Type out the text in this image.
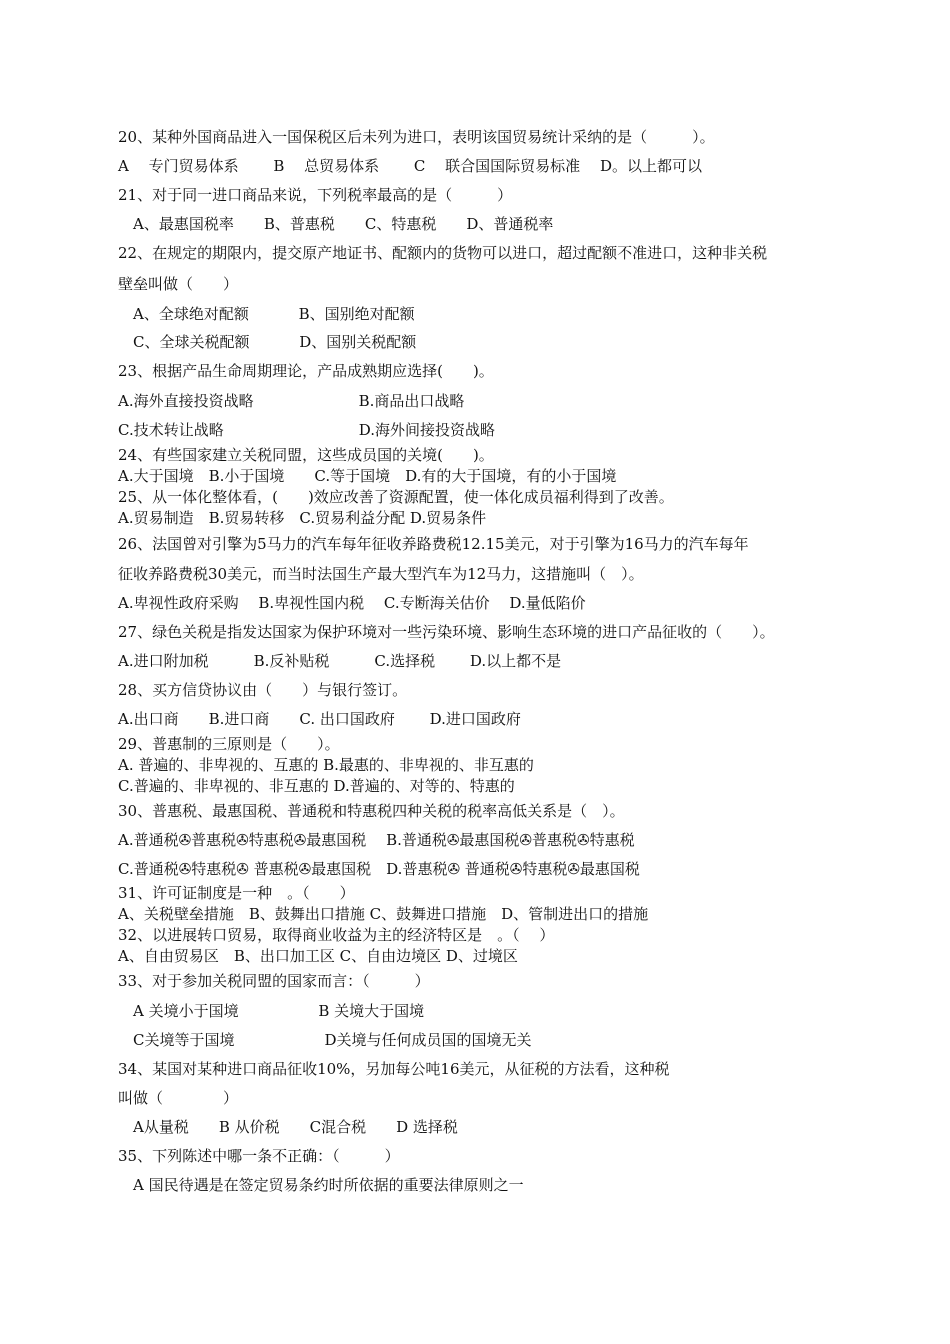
20、某种外国商品进入一国保税区后未列为进口，表明该国贸易统计采纳的是（　　　）。
A　 专门贸易体系　　 B　 总贸易体系　　 C　 联合国国际贸易标准　 D。以上都可以
21、对于同一进口商品来说，下列税率最高的是（　　　）
　A、最惠国税率　　B、普惠税　　C、特惠税　　D、普通税率
22、在规定的期限内，提交原产地证书、配额内的货物可以进口，超过配额不准进口，这种非关税
壁垒叫做（　　）
　A、全球绝对配额　　　 B、国别绝对配额
　C、全球关税配额　　　 D、国别关税配额
23、根据产品生命周期理论，产品成熟期应选择(　　)。
A.海外直接投资战略　　　　　　　B.商品出口战略
C.技术转让战略　　　　　　　　　D.海外间接投资战略
24、有些国家建立关税同盟，这些成员国的关境(　　)。
A.大于国境　B.小于国境　　C.等于国境　D.有的大于国境，有的小于国境
25、从一体化整体看，(　　)效应改善了资源配置，使一体化成员福利得到了改善。
A.贸易制造　B.贸易转移　C.贸易利益分配 D.贸易条件
26、法国曾对引擎为5马力的汽车每年征收养路费税12.15美元，对于引擎为16马力的汽车每年
征收养路费税30美元，而当时法国生产最大型汽车为12马力，这措施叫（　）。
A.卑视性政府采购　 B.卑视性国内税　 C.专断海关估价　 D.量低陷价
27、绿色关税是指发达国家为保护环境对一些污染环境、影响生态环境的进口产品征收的（　　）。
A.进口附加税　　　B.反补贴税　　　C.选择税　　 D.以上都不是
28、买方信贷协议由（　　）与银行签订。
A.出口商　　B.进口商　　C. 出口国政府　　 D.进口国政府
29、普惠制的三原则是（　　）。
A. 普遍的、非卑视的、互惠的 B.最惠的、非卑视的、非互惠的
C.普遍的、非卑视的、非互惠的 D.普遍的、对等的、特惠的
30、普惠税、最惠国税、普通税和特惠税四种关税的税率高低关系是（　）。
A.普通税✇普惠税✇特惠税✇最惠国税　 B.普通税✇最惠国税✇普惠税✇特惠税
C.普通税✇特惠税✇ 普惠税✇最惠国税　D.普惠税✇ 普通税✇特惠税✇最惠国税
31、许可证制度是一种　。（　　）
A、关税壁垒措施　B、鼓舞出口措施 C、鼓舞进口措施　D、管制进出口的措施
32、以进展转口贸易，取得商业收益为主的经济特区是　。（　 ）
A、自由贸易区　B、出口加工区 C、自由边境区 D、过境区
33、对于参加关税同盟的国家而言：（　　　）
　A 关境小于国境　　　　　 B 关境大于国境
　C关境等于国境　　　　　　D关境与任何成员国的国境无关
34、某国对某种进口商品征收10%，另加每公吨16美元，从征税的方法看，这种税
叫做（　　　　）
　A从量税　　B 从价税　　C混合税　　D 选择税
35、下列陈述中哪一条不正确：（　　　）
　A 国民待遇是在签定贸易条约时所依据的重要法律原则之一
